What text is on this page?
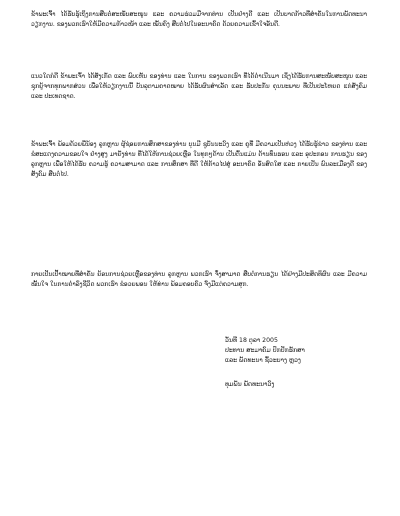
ຂ້າພະເຈົ້າ ໄດ້ຮັບຮູ້ເຖິງການສືບຕໍ່ສະໜັບສະໜູນ ແລະ ຄວາມຮ່ວມມືຈາກທ່ານ ເປັນຢ່າງດີ ແລະ ເປັນບາດກ້າວທີ່ສໍາຄັນໃນການພັດທະນາວຽກງານ. ຂອງພວກເຮົາໃຫ້ມີຄວາມກ້າວໜ້າ ແລະ ໝັ້ນຄົງ ສືບຕໍ່ໄປໃນອະນາຄົດ ດ້ວຍຄວາມເຂົ້າໃຈອັນດີ.

ແນວໃດກໍດີ ຂ້າພະເຈົ້າ ໄດ້ສັງເກັດ ແລະ ພົບເຫັນ ຂອງທ່ານ ແລະ ໃນການ ຂອງພວກເຮົາ ທີ່ໄດ້ດໍາເນີນມາ ເຊິ່ງໄດ້ຮັບການສະໜັບສະໜູນ ແລະ ຊຸກຍູ້ຈາກທຸກພາກສ່ວນ ເພື່ອໃຫ້ວຽກງານນີ້ ບັນລຸຕາມຄາດໝາຍ ໄດ້ຮັບຜົນສໍາເລັດ ແລະ ຮັບປະກັນ ຄຸນນະພາບ ທີ່ເປັນປະໂຫຍດ ແກ່ສັງຄົມ ແລະ ປະເທດຊາດ.

ຂ້າພະເຈົ້າ ພ້ອມດ້ວຍພີ່ນ້ອງ ລູກຫຼານ ຜູ້ຊ່ອຍການສຶກສາຂອງທ່ານ ບຸນມີ ຊູບັນນະວົງ ແລະ ຄູທີ່ ມີຄວາມເປັນຫ່ວງ ໄດ້ຮັບຮູ້ຂ່າວ ຂອງທ່ານ ແລະ ຂໍສະແດງຄວາມຂອບໃຈ ຢ່າງສູງ ມາຍັງທ່ານ ທີ່ໄດ້ໃຫ້ການຊ່ວຍເຫຼືອ ໃນທຸກໆດ້ານ ເປັນຕົ້ນແມ່ນ ດ້ານທຶນຮອນ ແລະ ອຸປະກອນ ການຮຽນ ຂອງລູກຫຼານ ເພື່ອໃຫ້ໄດ້ຮັບ ຄວາມຮູ້ ຄວາມສາມາດ ແລະ ການສຶກສາ ທີ່ດີ ໃຫ້ກ້າວໄປສູ່ ອະນາຄົດ ອັນສົດໃສ ແລະ ກາຍເປັນ ພົນລະເມືອງດີ ຂອງສັງຄົມ ສືບຕໍ່ໄປ.

ກາຍເປັນເປົ້າໝາຍທີ່ສໍາຄັນ ຍ້ອນການຊ່ວຍເຫຼືອຂອງທ່ານ ລູກຫຼານ ພວກເຮົາ ຈຶ່ງສາມາດ ສືບຕໍ່ການຮຽນ ໄດ້ຢ່າງມີປະສິດທິຜົນ ແລະ ມີຄວາມໝັ້ນໃຈ ໃນການດໍາລົງຊີວິດ ພວກເຮົາ ຂໍອວຍພອນ ໃຫ້ທ່ານ ພ້ອມຄອບຄົວ ຈົ່ງມີແຕ່ຄວາມສຸກ.

ວັນທີ 18 ຕຸລາ 2005
ປະທານ ສະມາຄົມ ປົກປັກຮັກສາ
ແລະ ພັດທະນາ ຊົ້ວະບາງ ຫຼວງ
ທຸມພັນ ພັດທະນາວົງ
